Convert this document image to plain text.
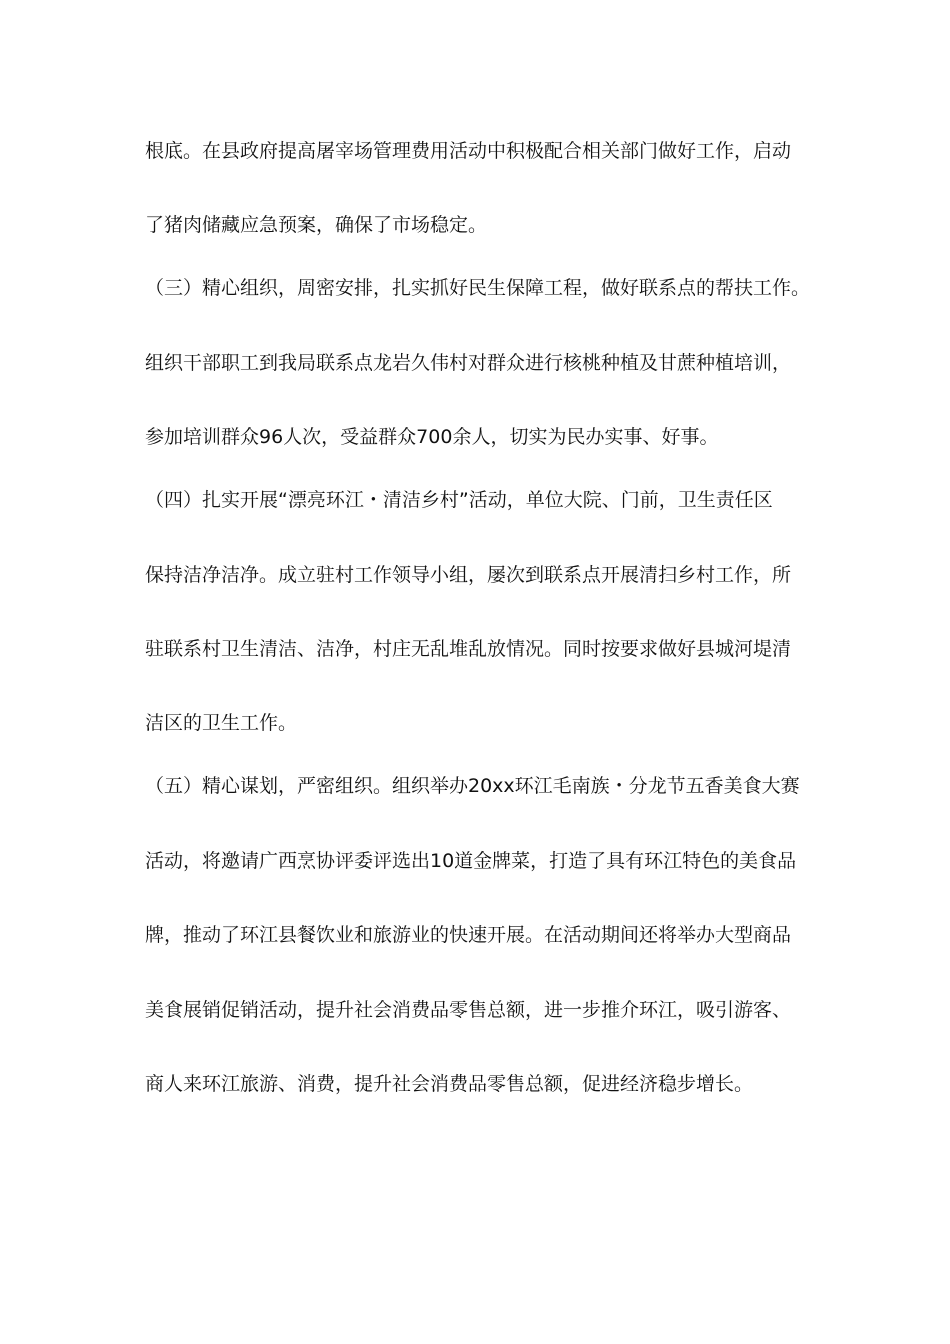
根底。在县政府提高屠宰场管理费用活动中积极配合相关部门做好工作，启动
了猪肉储藏应急预案，确保了市场稳定。
（三）精心组织，周密安排，扎实抓好民生保障工程，做好联系点的帮扶工作。
组织干部职工到我局联系点龙岩久伟村对群众进行核桃种植及甘蔗种植培训，
参加培训群众96人次，受益群众700余人，切实为民办实事、好事。
（四）扎实开展“漂亮环江・清洁乡村”活动，单位大院、门前，卫生责任区
保持洁净洁净。成立驻村工作领导小组，屡次到联系点开展清扫乡村工作，所
驻联系村卫生清洁、洁净，村庄无乱堆乱放情况。同时按要求做好县城河堤清
洁区的卫生工作。
（五）精心谋划，严密组织。组织举办20xx环江毛南族・分龙节五香美食大赛
活动，将邀请广西烹协评委评选出10道金牌菜，打造了具有环江特色的美食品
牌，推动了环江县餐饮业和旅游业的快速开展。在活动期间还将举办大型商品
美食展销促销活动，提升社会消费品零售总额，进一步推介环江，吸引游客、
商人来环江旅游、消费，提升社会消费品零售总额，促进经济稳步增长。
